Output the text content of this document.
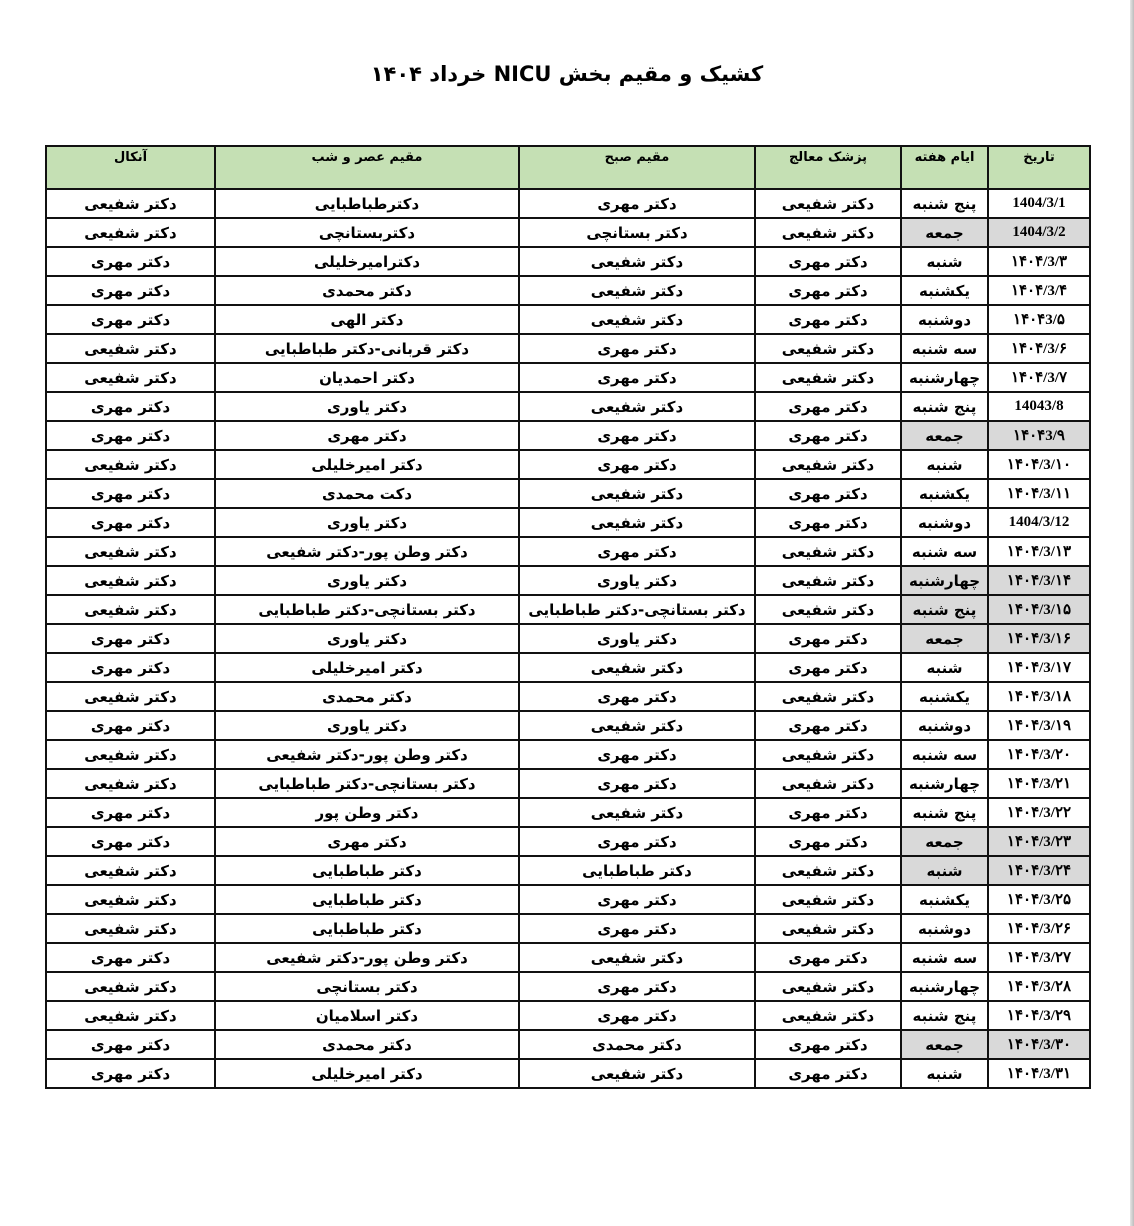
کشیک و مقیم بخش NICU خرداد ۱۴۰۴
تاریخ	ایام هفته	پزشک معالج	مقیم صبح	مقیم عصر و شب	آنکال
1404/3/1	پنج شنبه	دکتر شفیعی	دکتر مهری	دکترطباطبایی	دکتر شفیعی
1404/3/2	جمعه	دکتر شفیعی	دکتر بستانچی	دکتربستانچی	دکتر شفیعی
۱۴۰۴/3/۳	شنبه	دکتر مهری	دکتر شفیعی	دکترامیرخلیلی	دکتر مهری
۱۴۰۴/3/۴	یکشنبه	دکتر مهری	دکتر شفیعی	دکتر محمدی	دکتر مهری
۱۴۰۴3/۵	دوشنبه	دکتر مهری	دکتر شفیعی	دکتر الهی	دکتر مهری
۱۴۰۴/3/۶	سه شنبه	دکتر شفیعی	دکتر مهری	دکتر قربانی-دکتر طباطبایی	دکتر شفیعی
۱۴۰۴/3/۷	چهارشنبه	دکتر شفیعی	دکتر مهری	دکتر احمدیان	دکتر شفیعی
14043/8	پنج شنبه	دکتر مهری	دکتر شفیعی	دکتر یاوری	دکتر مهری
۱۴۰۴3/۹	جمعه	دکتر مهری	دکتر مهری	دکتر مهری	دکتر مهری
۱۴۰۴/3/۱۰	شنبه	دکتر شفیعی	دکتر مهری	دکتر امیرخلیلی	دکتر شفیعی
۱۴۰۴/3/۱۱	یکشنبه	دکتر مهری	دکتر شفیعی	دکت محمدی	دکتر مهری
1404/3/12	دوشنبه	دکتر مهری	دکتر شفیعی	دکتر یاوری	دکتر مهری
۱۴۰۴/3/۱۳	سه شنبه	دکتر شفیعی	دکتر مهری	دکتر وطن پور-دکتر شفیعی	دکتر شفیعی
۱۴۰۴/3/۱۴	چهارشنبه	دکتر شفیعی	دکتر یاوری	دکتر یاوری	دکتر شفیعی
۱۴۰۴/3/۱۵	پنج شنبه	دکتر شفیعی	دکتر بستانچی-دکتر طباطبایی	دکتر بستانچی-دکتر طباطبایی	دکتر شفیعی
۱۴۰۴/3/۱۶	جمعه	دکتر مهری	دکتر یاوری	دکتر یاوری	دکتر مهری
۱۴۰۴/3/۱۷	شنبه	دکتر مهری	دکتر شفیعی	دکتر امیرخلیلی	دکتر مهری
۱۴۰۴/3/۱۸	یکشنبه	دکتر شفیعی	دکتر مهری	دکتر محمدی	دکتر شفیعی
۱۴۰۴/3/۱۹	دوشنبه	دکتر مهری	دکتر شفیعی	دکتر یاوری	دکتر مهری
۱۴۰۴/3/۲۰	سه شنبه	دکتر شفیعی	دکتر مهری	دکتر وطن پور-دکتر شفیعی	دکتر شفیعی
۱۴۰۴/3/۲۱	چهارشنبه	دکتر شفیعی	دکتر مهری	دکتر بستانچی-دکتر طباطبایی	دکتر شفیعی
۱۴۰۴/3/۲۲	پنج شنبه	دکتر مهری	دکتر شفیعی	دکتر وطن پور	دکتر مهری
۱۴۰۴/3/۲۳	جمعه	دکتر مهری	دکتر مهری	دکتر مهری	دکتر مهری
۱۴۰۴/3/۲۴	شنبه	دکتر شفیعی	دکتر طباطبایی	دکتر طباطبایی	دکتر شفیعی
۱۴۰۴/3/۲۵	یکشنبه	دکتر شفیعی	دکتر مهری	دکتر طباطبایی	دکتر شفیعی
۱۴۰۴/3/۲۶	دوشنبه	دکتر شفیعی	دکتر مهری	دکتر طباطبایی	دکتر شفیعی
۱۴۰۴/3/۲۷	سه شنبه	دکتر مهری	دکتر شفیعی	دکتر وطن پور-دکتر شفیعی	دکتر مهری
۱۴۰۴/3/۲۸	چهارشنبه	دکتر شفیعی	دکتر مهری	دکتر بستانچی	دکتر شفیعی
۱۴۰۴/3/۲۹	پنج شنبه	دکتر شفیعی	دکتر مهری	دکتر اسلامیان	دکتر شفیعی
۱۴۰۴/3/۳۰	جمعه	دکتر مهری	دکتر محمدی	دکتر محمدی	دکتر مهری
۱۴۰۴/3/۳۱	شنبه	دکتر مهری	دکتر شفیعی	دکتر امیرخلیلی	دکتر مهری
